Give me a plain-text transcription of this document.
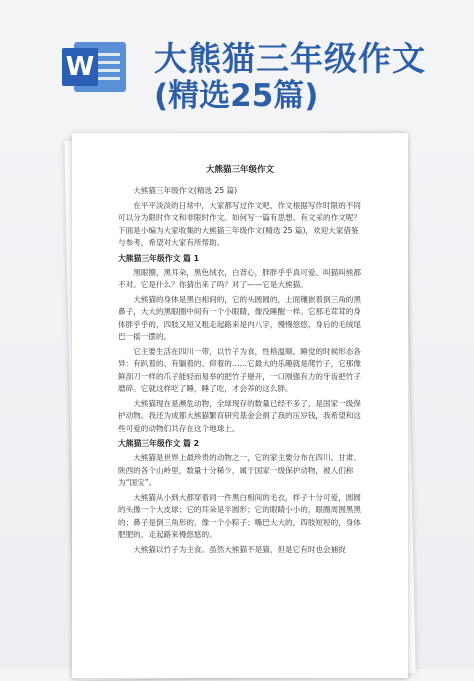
W 大熊猫三年级作文
(精选25篇)
大熊猫三年级作文
大熊猫三年级作文(精选 25 篇)
在平平淡淡的日常中，大家都写过作文吧，作文根据写作时限的不同可以分为限时作文和非限时作文。如何写一篇有思想、有文采的作文呢？下面是小编为大家收集的大熊猫三年级作文(精选 25 篇)，欢迎大家借鉴与参考，希望对大家有所帮助。
大熊猫三年级作文 篇 1
黑眼圈，黑耳朵，黑色绒衣，白背心，胖胖乎乎真可爱。叫猫叫熊都不对。它是什么？你猜出来了吗？对了——它是大熊猫。
大熊猫的身体是黑白相间的，它的头圆圆的，上面镶嵌着倒三角的黑鼻子，大大的黑眼圈中间有一个小眼睛，像没睡醒一样。它那毛茸茸的身体胖乎乎的，四肢又短又粗走起路来是内八字，慢慢悠悠，身后的毛绒尾巴一摇一摆的。
它主要生活在四川一带，以竹子为食，性格温顺。睡觉的时候形态各异：有趴着的、有躺着的、仰着的……它最大的乐趣就是爬竹子，它那像鲜刮刀一样的爪子能轻而易举的把竹子掰开，一口刚强有力的牙齿把竹子磨碎。它就这样吃了睡，睡了吃，才会养的这么胖。
大熊猫现在是濒危动物，全球现存的数量已经不多了，是国家一级保护动物。我还为成都大熊猫繁育研究基金会捐了我的压岁钱，我希望和这些可爱的动物们共存在这个地球上。
大熊猫三年级作文 篇 2
大熊猫是世界上最珍贵的动物之一，它的家主要分布在四川、甘肃、陕西的各个山岭里，数量十分稀少，属于国家一级保护动物，被人们称为“国宝”。
大熊猫从小到大都穿着同一件黑白相间的毛衣，样子十分可爱，圆圆的头像一个大皮球；它的耳朵是半圆形；它的眼睛小小的，眼圈周围黑黑的；鼻子是倒三角形的，像一个小粽子；嘴巴大大的，四肢短短的，身体肥肥的，走起路来慢悠悠的。
大熊猫以竹子为主食。虽然大熊猫不是猫，但是它有时也会捕捉
